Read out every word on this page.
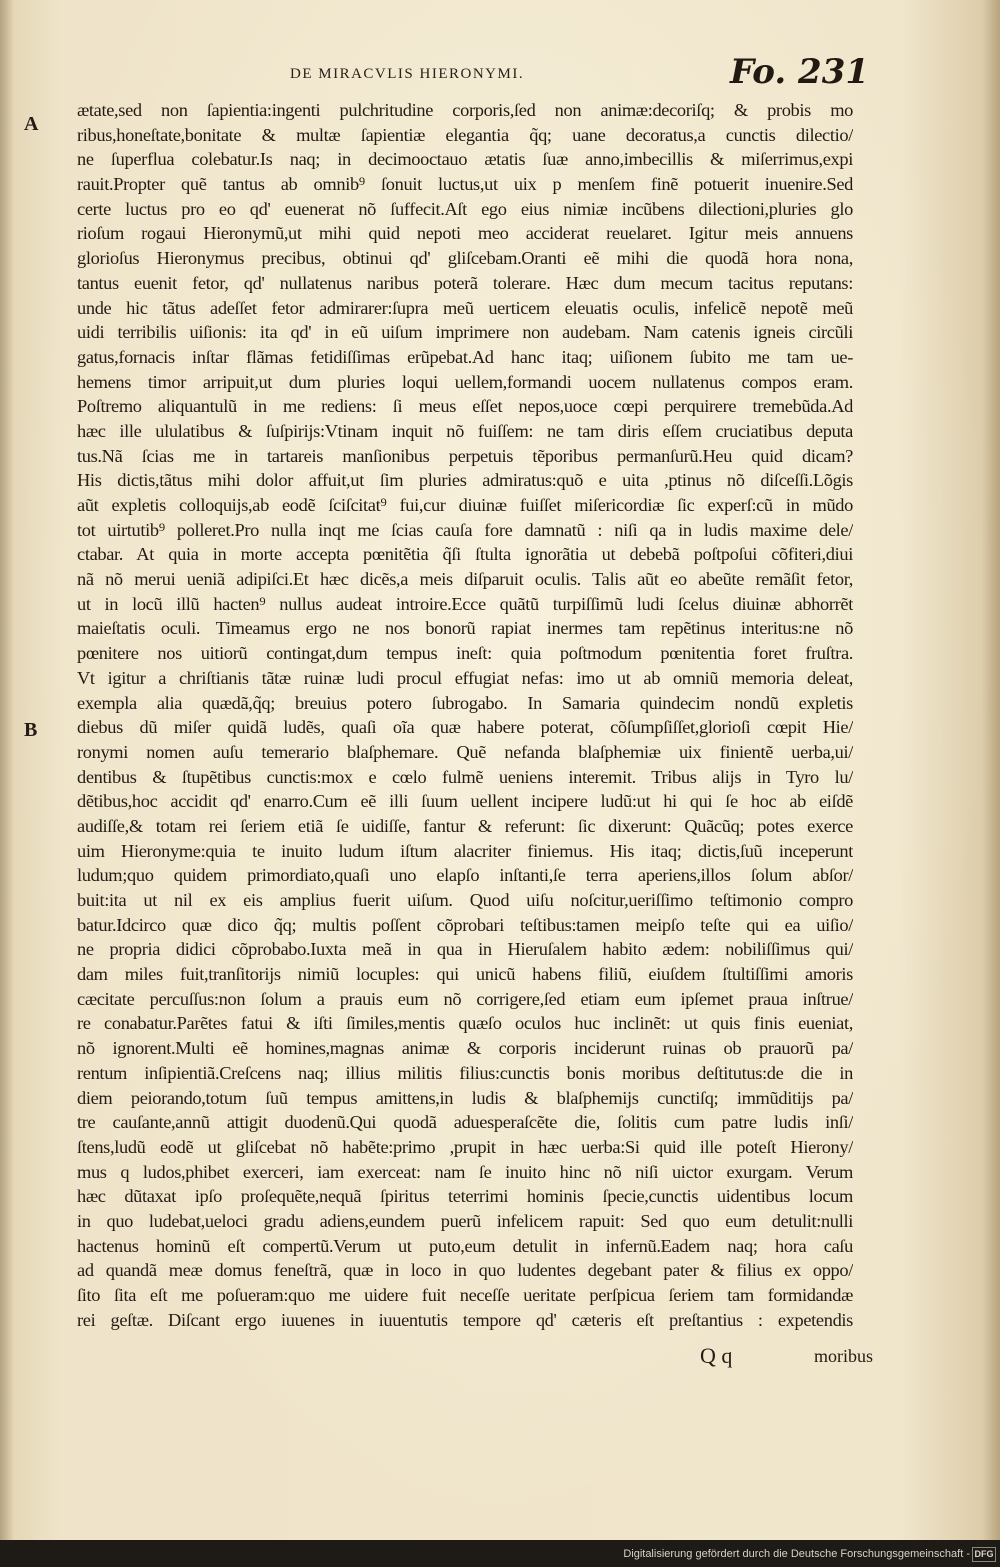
DE MIRACVLIS HIERONYMI.	Fo. 231
A
B
ætate,sed non ſapientia:ingenti pulchritudine corporis,ſed non animæ:decoriſq; & probis mo
ribus,honeſtate,bonitate & multæ ſapientiæ elegantia q̃q; uane decoratus,a cunctis dilectio/
ne ſuperflua colebatur.Is naq; in decimooctauo ætatis ſuæ anno,imbecillis & miſerrimus,expi
rauit.Propter quẽ tantus ab omnib⁹ ſonuit luctus,ut uix p menſem finẽ potuerit inuenire.Sed
certe luctus pro eo qd' euenerat nõ ſuffecit.Aſt ego eius nimiæ incũbens dilectioni,pluries glo
rioſum rogaui Hieronymũ,ut mihi quid nepoti meo acciderat reuelaret. Igitur meis annuens
glorioſus Hieronymus precibus, obtinui qd' gliſcebam.Oranti eẽ mihi die quodã hora nona,
tantus euenit fetor, qd' nullatenus naribus poterã tolerare. Hæc dum mecum tacitus reputans:
unde hic tãtus adeſſet fetor admirarer:ſupra meũ uerticem eleuatis oculis, infelicẽ nepotẽ meũ
uidi terribilis uiſionis: ita qd' in eũ uiſum imprimere non audebam. Nam catenis igneis circũli
gatus,fornacis inſtar flãmas fetidiſſimas erũpebat.Ad hanc itaq; uiſionem ſubito me tam ue-
hemens timor arripuit,ut dum pluries loqui uellem,formandi uocem nullatenus compos eram.
Poſtremo aliquantulũ in me rediens: ſi meus eſſet nepos,uoce cœpi perquirere tremebũda.Ad
hæc ille ululatibus & ſuſpirijs:Vtinam inquit nõ fuiſſem: ne tam diris eſſem cruciatibus deputa
tus.Nã ſcias me in tartareis manſionibus perpetuis tẽporibus permanſurũ.Heu quid dicam?
His dictis,tãtus mihi dolor affuit,ut ſim pluries admiratus:quõ e uita ,ptinus nõ diſceſſi.Lõgis
aũt expletis colloquijs,ab eodẽ ſciſcitat⁹ fui,cur diuinæ fuiſſet miſericordiæ ſic experſ:cũ in mũdo
tot uirtutib⁹ polleret.Pro nulla inqt me ſcias cauſa fore damnatũ : niſi qa in ludis maxime dele/
ctabar. At quia in morte accepta pœnitẽtia q̃ſi ſtulta ignorãtia ut debebã poſtpoſui cõfiteri,diui
nã nõ merui ueniã adipiſci.Et hæc dicẽs,a meis diſparuit oculis. Talis aũt eo abeũte remãſit fetor,
ut in locũ illũ hacten⁹ nullus audeat introire.Ecce quãtũ turpiſſimũ ludi ſcelus diuinæ abhorrẽt
maieſtatis oculi. Timeamus ergo ne nos bonorũ rapiat inermes tam repẽtinus interitus:ne nõ
pœnitere nos uitiorũ contingat,dum tempus ineſt: quia poſtmodum pœnitentia foret fruſtra.
Vt igitur a chriſtianis tãtæ ruinæ ludi procul effugiat nefas: imo ut ab omniũ memoria deleat,
exempla alia quædã,q̃q; breuius potero ſubrogabo. In Samaria quindecim nondũ expletis
diebus dũ miſer quidã ludẽs, quaſi oĩa quæ habere poterat, cõſumpſiſſet,glorioſi cœpit Hie/
ronymi nomen auſu temerario blaſphemare. Quẽ nefanda blaſphemiæ uix finientẽ uerba,ui/
dentibus & ſtupẽtibus cunctis:mox e cœlo fulmẽ ueniens interemit. Tribus alijs in Tyro lu/
dẽtibus,hoc accidit qd' enarro.Cum eẽ illi ſuum uellent incipere ludũ:ut hi qui ſe hoc ab eiſdẽ
audiſſe,& totam rei ſeriem etiã ſe uidiſſe, fantur & referunt: ſic dixerunt: Quãcũq; potes exerce
uim Hieronyme:quia te inuito ludum iſtum alacriter finiemus. His itaq; dictis,ſuũ inceperunt
ludum;quo quidem primordiato,quaſi uno elapſo inſtanti,ſe terra aperiens,illos ſolum abſor/
buit:ita ut nil ex eis amplius fuerit uiſum. Quod uiſu noſcitur,ueriſſimo teſtimonio compro
batur.Idcirco quæ dico q̃q; multis poſſent cõprobari teſtibus:tamen meipſo teſte qui ea uiſio/
ne propria didici cõprobabo.Iuxta meã in qua in Hieruſalem habito ædem: nobiliſſimus qui/
dam miles fuit,tranſitorijs nimiũ locuples: qui unicũ habens filiũ, eiuſdem ſtultiſſimi amoris
cæcitate percuſſus:non ſolum a prauis eum nõ corrigere,ſed etiam eum ipſemet praua inſtrue/
re conabatur.Parẽtes fatui & iſti ſimiles,mentis quæſo oculos huc inclinẽt: ut quis finis eueniat,
nõ ignorent.Multi eẽ homines,magnas animæ & corporis inciderunt ruinas ob prauorũ pa/
rentum inſipientiã.Creſcens naq; illius militis filius:cunctis bonis moribus deſtitutus:de die in
diem peiorando,totum ſuũ tempus amittens,in ludis & blaſphemijs cunctiſq; immũditijs pa/
tre cauſante,annũ attigit duodenũ.Qui quodã aduesperaſcẽte die, ſolitis cum patre ludis inſi/
ſtens,ludũ eodẽ ut gliſcebat nõ habẽte:primo ,prupit in hæc uerba:Si quid ille poteſt Hierony/
mus q ludos,phibet exerceri, iam exerceat: nam ſe inuito hinc nõ niſi uictor exurgam. Verum
hæc dũtaxat ipſo proſequẽte,nequã ſpiritus teterrimi hominis ſpecie,cunctis uidentibus locum
in quo ludebat,ueloci gradu adiens,eundem puerũ infelicem rapuit: Sed quo eum detulit:nulli
hactenus hominũ eſt compertũ.Verum ut puto,eum detulit in infernũ.Eadem naq; hora caſu
ad quandã meæ domus feneſtrã, quæ in loco in quo ludentes degebant pater & filius ex oppo/
ſito ſita eſt me poſueram:quo me uidere fuit neceſſe ueritate perſpicua ſeriem tam formidandæ
rei geſtæ. Diſcant ergo iuuenes in iuuentutis tempore qd' cæteris eſt preſtantius : expetendis
Q q	moribus
Digitalisierung gefördert durch die Deutsche Forschungsgemeinschaft - DFG
